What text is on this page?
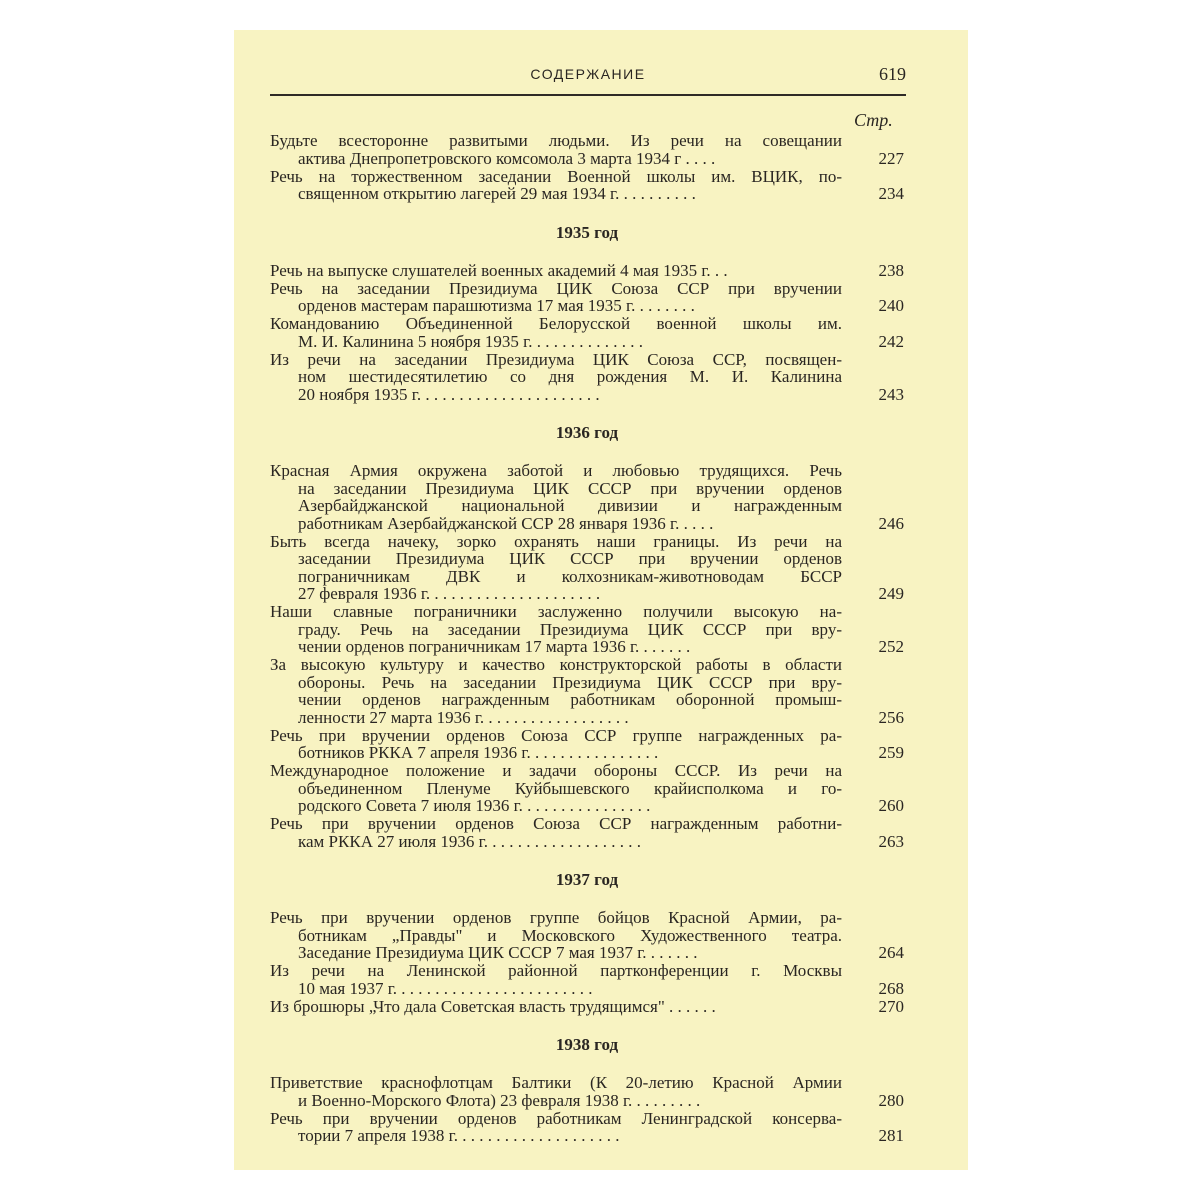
СОДЕРЖАНИЕ	619
Стр.
Будьте всесторонне развитыми людьми. Из речи на совещании
актива Днепропетровского комсомола 3 марта 1934 г . . . .	227
Речь на торжественном заседании Военной школы им. ВЦИК, по-
священном открытию лагерей 29 мая 1934 г. . . . . . . . . .	234
1935 год
Речь на выпуске слушателей военных академий 4 мая 1935 г. . .	238
Речь на заседании Президиума ЦИК Союза ССР при вручении
орденов мастерам парашютизма 17 мая 1935 г. . . . . . . .	240
Командованию Объединенной Белорусской военной школы им.
М. И. Калинина 5 ноября 1935 г. . . . . . . . . . . . . .	242
Из речи на заседании Президиума ЦИК Союза ССР, посвящен-
ном шестидесятилетию со дня рождения М. И. Калинина
20 ноября 1935 г. . . . . . . . . . . . . . . . . . . . . .	243
1936 год
Красная Армия окружена заботой и любовью трудящихся. Речь
на заседании Президиума ЦИК СССР при вручении орденов
Азербайджанской национальной дивизии и награжденным
работникам Азербайджанской ССР 28 января 1936 г. . . . .	246
Быть всегда начеку, зорко охранять наши границы. Из речи на
заседании Президиума ЦИК СССР при вручении орденов
пограничникам ДВК и колхозникам-животноводам БССР
27 февраля 1936 г. . . . . . . . . . . . . . . . . . . . .	249
Наши славные пограничники заслуженно получили высокую на-
граду. Речь на заседании Президиума ЦИК СССР при вру-
чении орденов пограничникам 17 марта 1936 г. . . . . . .	252
За высокую культуру и качество конструкторской работы в области
обороны. Речь на заседании Президиума ЦИК СССР при вру-
чении орденов награжденным работникам оборонной промыш-
ленности 27 марта 1936 г. . . . . . . . . . . . . . . . . .	256
Речь при вручении орденов Союза ССР группе награжденных ра-
ботников РККА 7 апреля 1936 г. . . . . . . . . . . . . . . .	259
Международное положение и задачи обороны СССР. Из речи на
объединенном Пленуме Куйбышевского крайисполкома и го-
родского Совета 7 июля 1936 г. . . . . . . . . . . . . . . .	260
Речь при вручении орденов Союза ССР награжденным работни-
кам РККА 27 июля 1936 г. . . . . . . . . . . . . . . . . . .	263
1937 год
Речь при вручении орденов группе бойцов Красной Армии, ра-
ботникам „Правды" и Московского Художественного театра.
Заседание Президиума ЦИК СССР 7 мая 1937 г. . . . . . .	264
Из речи на Ленинской районной партконференции г. Москвы
10 мая 1937 г. . . . . . . . . . . . . . . . . . . . . . . .	268
Из брошюры „Что дала Советская власть трудящимся" . . . . . .	270
1938 год
Приветствие краснофлотцам Балтики (К 20-летию Красной Армии
и Военно-Морского Флота) 23 февраля 1938 г. . . . . . . . .	280
Речь при вручении орденов работникам Ленинградской консерва-
тории 7 апреля 1938 г. . . . . . . . . . . . . . . . . . . .	281
